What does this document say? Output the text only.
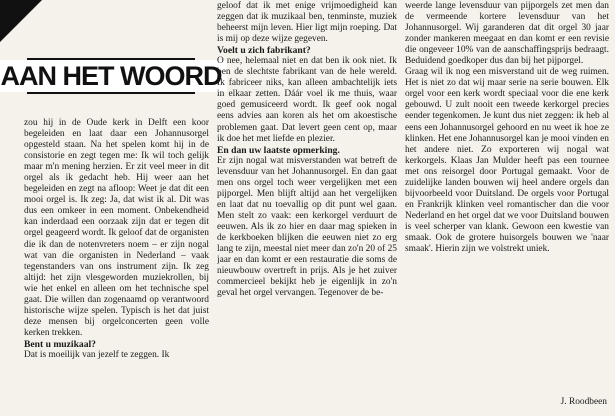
AAN HET WOORD

zou hij in de Oude kerk in Delft een koor begeleiden en laat daar een Johannusorgel opgesteld staan. Na het spelen komt hij in de consistorie en zegt tegen me: Ik wil toch gelijk maar m'n mening herzien. Er zit veel meer in dit orgel als ik gedacht heb. Hij weer aan het begeleiden en zegt na afloop: Weet je dat dit een mooi orgel is. Ik zeg: Ja, dat wist ik al. Dit was dus een omkeer in een moment. Onbekendheid kan inderdaad een oorzaak zijn dat er tegen dit orgel geageerd wordt. Ik geloof dat de organisten die ik dan de notenvreters noem – er zijn nogal wat van die organisten in Nederland – vaak tegenstanders van ons instrument zijn. Ik zeg altijd: het zijn vlesgeworden muziekrollen, bij wie het enkel en alleen om het technische spel gaat. Die willen dan zogenaamd op verantwoord historische wijze spelen. Typisch is het dat juist deze mensen bij orgelconcerten geen volle kerken trekken.

Bent u muzikaal?

Dat is moeilijk van jezelf te zeggen. Ik

geloof dat ik met enige vrijmoedigheid kan zeggen dat ik muzikaal ben, tenminste, muziek beheerst mijn leven. Hier ligt mijn roeping. Dat is mij op deze wijze gegeven.

Voelt u zich fabrikant?

O nee, helemaal niet en dat ben ik ook niet. Ik ben de slechtste fabrikant van de hele wereld. Ik fabriceer niks, kan alleen ambachtelijk iets in elkaar zetten. Dáár voel ik me thuis, waar goed gemusiceerd wordt. Ik geef ook nogal eens advies aan koren als het om akoestische problemen gaat. Dat levert geen cent op, maar ik doe het met liefde en plezier.

En dan uw laatste opmerking.

Er zijn nogal wat misverstanden wat betreft de levensduur van het Johannusorgel. En dan gaat men ons orgel toch weer vergelijken met een pijporgel. Men blijft altijd aan het vergelijken en laat dat nu toevallig op dit punt wel gaan. Men stelt zo vaak: een kerkorgel verduurt de eeuwen. Als ik zo hier en daar mag spieken in de kerkboeken blijken die eeuwen niet zo erg lang te zijn, meestal niet meer dan zo'n 20 of 25 jaar en dan komt er een restauratie die soms de nieuwbouw overtreft in prijs. Als je het zuiver commercieel bekijkt heb je eigenlijk in zo'n geval het orgel vervangen. Tegenover de be-

weerde lange levensduur van pijporgels zet men dan de vermeende kortere levensduur van het Johannusorgel. Wij garanderen dat dit orgel 30 jaar zonder mankeren meegaat en dan komt er een revisie die ongeveer 10% van de aanschaffingsprijs bedraagt. Beduidend goedkoper dus dan bij het pijporgel.

Graag wil ik nog een misverstand uit de weg ruimen. Het is niet zo dat wij maar serie na serie bouwen. Elk orgel voor een kerk wordt speciaal voor die ene kerk gebouwd. U zult nooit een tweede kerkorgel precies eender tegenkomen. Je kunt dus niet zeggen: ik heb al eens een Johannusorgel gehoord en nu weet ik hoe ze klinken. Het ene Johannusorgel kan je mooi vinden en het andere niet. Zo exporteren wij nogal wat kerkorgels. Klaas Jan Mulder heeft pas een tournee met ons reisorgel door Portugal gemaakt. Voor de zuidelijke landen bouwen wij heel andere orgels dan bijvoorbeeld voor Duitsland. De orgels voor Portugal en Frankrijk klinken veel romantischer dan die voor Nederland en het orgel dat we voor Duitsland bouwen is veel scherper van klank. Gewoon een kwestie van smaak. Ook de grotere huisorgels bouwen we 'naar smaak'. Hierin zijn we volstrekt uniek.

J. Roodbeen
